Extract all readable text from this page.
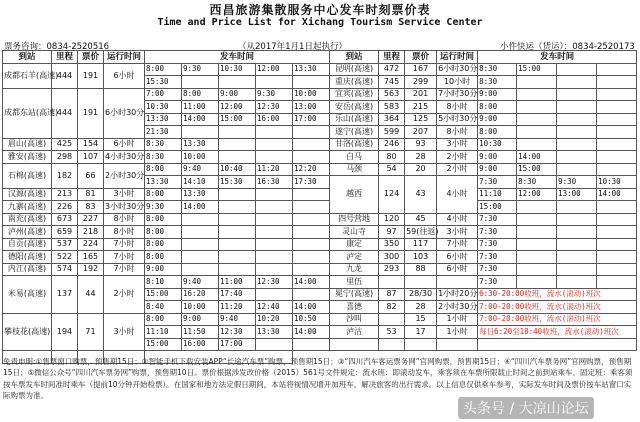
西昌旅游集散服务中心发车时刻票价表
Time and Price List for Xichang Tourism Service Center
票务咨询：0834-2520516	（从2017年1月1日起执行）	小件快运（货运）：0834-2520173
到站	里程	票价	运行时间	发车时间					到站	里程	票价	运行时间	发车时间			
成都石羊(高速)	444	191	6小时	8:00	9:30	10:30	12:00	13:30	昆明(高速)	472	167	6小时30分	8:30	15:00		
				15:30					重庆(高速)	745	299	10小时	8:30			
成都东站(高速)	444	191	6小时30分	7:00	8:00	9:00	9:30	10:00	宜宾(高速)	563	201	7小时30分	9:00			
				10:30	11:00	12:00	12:30	13:00	安岳(高速)	583	215	8小时	8:00			
				13:30	14:00	15:00	16:00	17:00	乐山(高速)	364	125	5小时30分	9:00			
				21:30					遂宁(高速)	599	207	8小时	8:00			
眉山(高速)	425	154	6小时	8:30	13:30				甘洛(高速)	246	93	3小时	10:30			
雅安(高速)	298	107	4小时30分	8:30	10:00				白马	80	28	2小时	9:00	14:00		
石棉(高速)	182	66	2小时30分	8:00	9:40	10:40	11:20	12:20	马颈	54	20	2小时	9:00	15:00		
				13:30	14:10	15:30	16:30	17:30	越西	124	43	4小时	7:30	8:30	9:30	10:30
汉源(高速)	213	81	3小时	8:00	13:30								11:10	12:00	13:00	14:00
九寨(高速)	226	83	3小时30分	9:30	14:00								15:00			
南充(高速)	673	227	8小时	8:00					四号营地	120	45	4小时	7:30			
泸州(高速)	659	218	8小时	8:00					灵山寺	97	59(往返)	3小时	7:30			
自贡(高速)	537	224	7小时	8:00					康定	350	117	7小时	7:30			
德阳(高速)	522	165	7小时	8:00					泸定	300	103	6小时	7:30			
内江(高速)	574	192	7小时	9:00					九龙	293	88	6小时	7:30			
米易(高速)	137	44	2小时	8:10	9:40	11:00	12:30	14:00	里伍				7:30			
				15:00	16:20	17:40			冕宁(高速)	87	28/30	1小时20分	6:30-20:00收班，流水(滚动)班次			
				8:40	10:00	11:20	12:40	14:00	喜德	82	28	2小时30分	7:00-20:00收班，流水(滚动)班次			
攀枝花(高速)	194	71	3小时	8:00	9:00	9:40	10:20	10:50	沙叫		15	1小时	7:00-20:00收班，流水(滚动)班次			
				11:10	11:50	12:30	13:30	14:00	泸沽	53	17	1小时	每日6:20至18:40收班，流水(滚动)班次			
				15:00	16:00	17:00										

免责申明:①售票窗口购票，预售期15日；②智能手机下载安装APP“长途汽车票”购票，预售期15日；③“四川汽车客运票务网”官网购票，预售期15日；④“四川汽车票务网”官网购票，预售期15日；⑤微信公众号“四川汽车票务网”购票，预售期10日。票价根据涉发改价格（2015）561号文件规定：流水班：即滚动发车，乘客须在车票所限载止时间之前到站乘车。固定班：乘客须按车票发车时间准时乘车（提前10分钟开始检票）。在国家和地方法定假日期间，本站将视情况增开加班车，解决旅客的出行需求。以上信息仅供乘车参考，实际发车时间及票价按车站窗口实际购票为准。
头条号 / 大凉山论坛
